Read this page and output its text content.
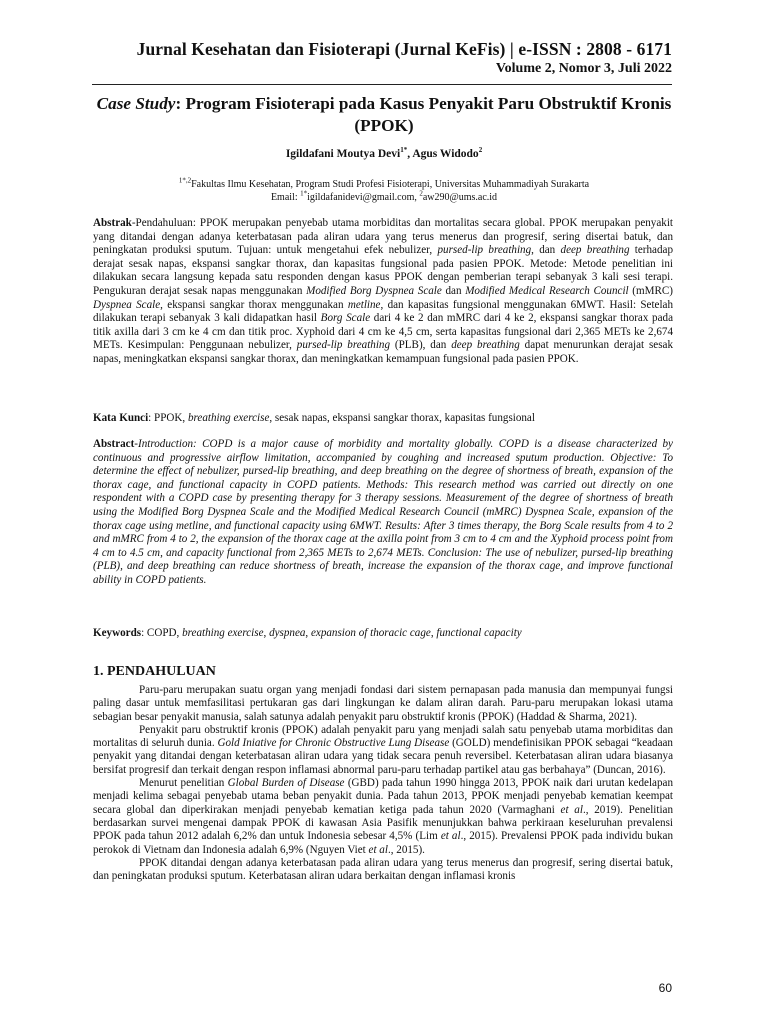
Jurnal Kesehatan dan Fisioterapi (Jurnal KeFis) | e-ISSN : 2808 - 6171
Volume 2, Nomor 3, Juli 2022
Case Study: Program Fisioterapi pada Kasus Penyakit Paru Obstruktif Kronis (PPOK)
Igildafani Moutya Devi$^{1*}$, Agus Widodo$^2$
$^{1*,2}$Fakultas Ilmu Kesehatan, Program Studi Profesi Fisioterapi, Universitas Muhammadiyah Surakarta
Email: $^{1*}$igildafanidevi@gmail.com, $^2$aw290@ums.ac.id
Abstrak-Pendahuluan: PPOK merupakan penyebab utama morbiditas dan mortalitas secara global. PPOK merupakan penyakit yang ditandai dengan adanya keterbatasan pada aliran udara yang terus menerus dan progresif, sering disertai batuk, dan peningkatan produksi sputum. Tujuan: untuk mengetahui efek nebulizer, pursed-lip breathing, dan deep breathing terhadap derajat sesak napas, ekspansi sangkar thorax, dan kapasitas fungsional pada pasien PPOK. Metode: Metode penelitian ini dilakukan secara langsung kepada satu responden dengan kasus PPOK dengan pemberian terapi sebanyak 3 kali sesi terapi. Pengukuran derajat sesak napas menggunakan Modified Borg Dyspnea Scale dan Modified Medical Research Council (mMRC) Dyspnea Scale, ekspansi sangkar thorax menggunakan metline, dan kapasitas fungsional menggunakan 6MWT. Hasil: Setelah dilakukan terapi sebanyak 3 kali didapatkan hasil Borg Scale dari 4 ke 2 dan mMRC dari 4 ke 2, ekspansi sangkar thorax pada titik axilla dari 3 cm ke 4 cm dan titik proc. Xyphoid dari 4 cm ke 4,5 cm, serta kapasitas fungsional dari 2,365 METs ke 2,674 METs. Kesimpulan: Penggunaan nebulizer, pursed-lip breathing (PLB), dan deep breathing dapat menurunkan derajat sesak napas, meningkatkan ekspansi sangkar thorax, dan meningkatkan kemampuan fungsional pada pasien PPOK.
Kata Kunci: PPOK, breathing exercise, sesak napas, ekspansi sangkar thorax, kapasitas fungsional
Abstract-Introduction: COPD is a major cause of morbidity and mortality globally. COPD is a disease characterized by continuous and progressive airflow limitation, accompanied by coughing and increased sputum production. Objective: To determine the effect of nebulizer, pursed-lip breathing, and deep breathing on the degree of shortness of breath, expansion of the thorax cage, and functional capacity in COPD patients. Methods: This research method was carried out directly on one respondent with a COPD case by presenting therapy for 3 therapy sessions. Measurement of the degree of shortness of breath using the Modified Borg Dyspnea Scale and the Modified Medical Research Council (mMRC) Dyspnea Scale, expansion of the thorax cage using metline, and functional capacity using 6MWT. Results: After 3 times therapy, the Borg Scale results from 4 to 2 and mMRC from 4 to 2, the expansion of the thorax cage at the axilla point from 3 cm to 4 cm and the Xyphoid process point from 4 cm to 4.5 cm, and capacity functional from 2,365 METs to 2,674 METs. Conclusion: The use of nebulizer, pursed-lip breathing (PLB), and deep breathing can reduce shortness of breath, increase the expansion of the thorax cage, and improve functional ability in COPD patients.
Keywords: COPD, breathing exercise, dyspnea, expansion of thoracic cage, functional capacity
1. PENDAHULUAN

Paru-paru merupakan suatu organ yang menjadi fondasi dari sistem pernapasan pada manusia dan mempunyai fungsi paling dasar untuk memfasilitasi pertukaran gas dari lingkungan ke dalam aliran darah. Paru-paru merupakan lokasi utama sebagian besar penyakit manusia, salah satunya adalah penyakit paru obstruktif kronis (PPOK) (Haddad & Sharma, 2021).

Penyakit paru obstruktif kronis (PPOK) adalah penyakit paru yang menjadi salah satu penyebab utama morbiditas dan mortalitas di seluruh dunia. Gold Iniative for Chronic Obstructive Lung Disease (GOLD) mendefinisikan PPOK sebagai “keadaan penyakit yang ditandai dengan keterbatasan aliran udara yang tidak secara penuh reversibel. Keterbatasan aliran udara biasanya bersifat progresif dan terkait dengan respon inflamasi abnormal paru-paru terhadap partikel atau gas berbahaya” (Duncan, 2016).

Menurut penelitian Global Burden of Disease (GBD) pada tahun 1990 hingga 2013, PPOK naik dari urutan kedelapan menjadi kelima sebagai penyebab utama beban penyakit dunia. Pada tahun 2013, PPOK menjadi penyebab kematian keempat secara global dan diperkirakan menjadi penyebab kematian ketiga pada tahun 2020 (Varmaghani et al., 2019). Penelitian berdasarkan survei mengenai dampak PPOK di kawasan Asia Pasifik menunjukkan bahwa perkiraan keseluruhan prevalensi PPOK pada tahun 2012 adalah 6,2% dan untuk Indonesia sebesar 4,5% (Lim et al., 2015). Prevalensi PPOK pada individu bukan perokok di Vietnam dan Indonesia adalah 6,9% (Nguyen Viet et al., 2015).

PPOK ditandai dengan adanya keterbatasan pada aliran udara yang terus menerus dan progresif, sering disertai batuk, dan peningkatan produksi sputum. Keterbatasan aliran udara berkaitan dengan inflamasi kronis

60
